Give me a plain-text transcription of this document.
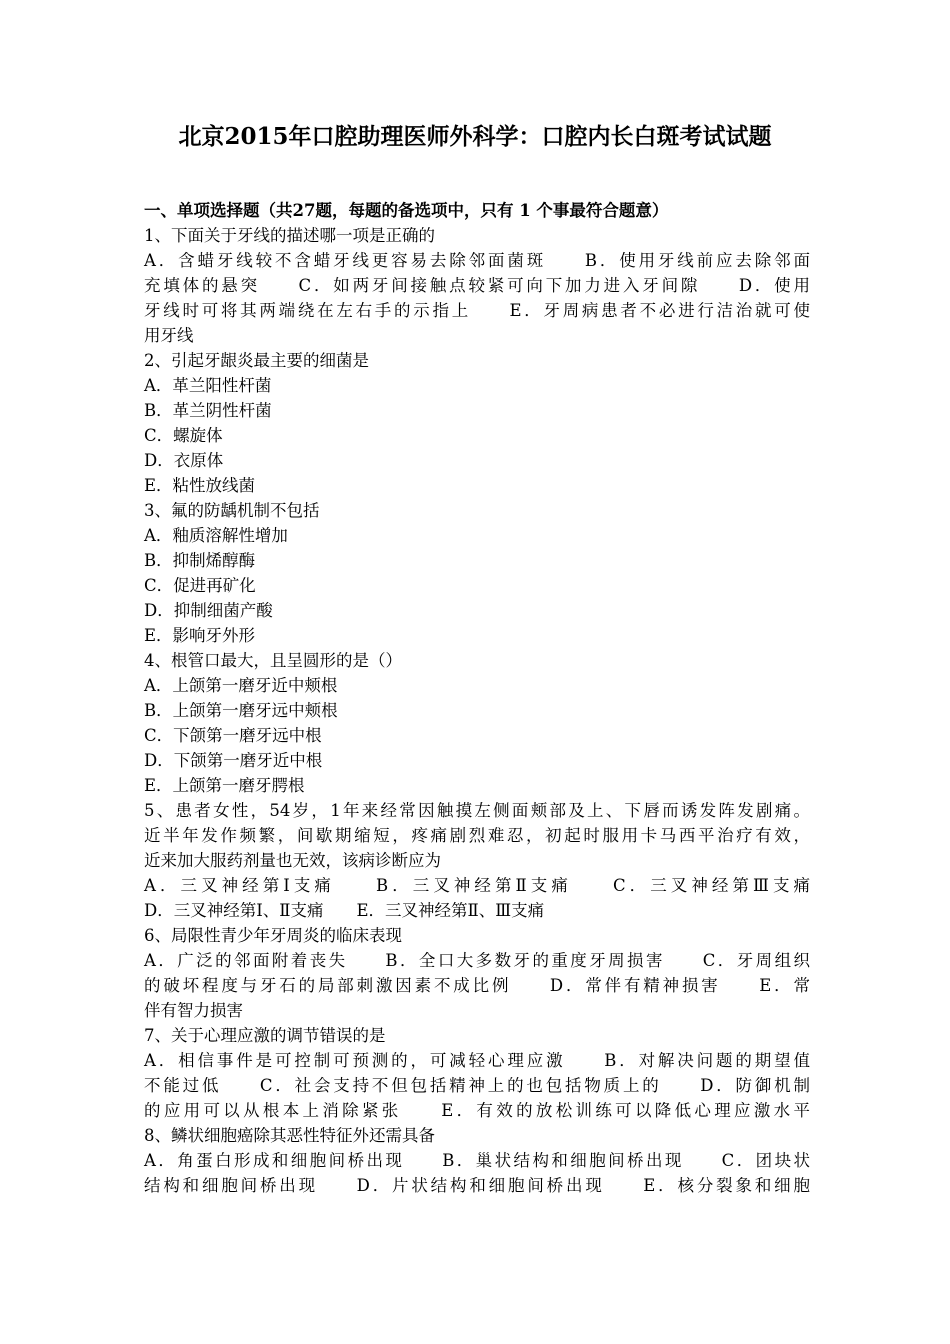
北京2015年口腔助理医师外科学：口腔内长白斑考试试题
一、单项选择题（共27题，每题的备选项中，只有 1 个事最符合题意）
1、下面关于牙线的描述哪一项是正确的
A．含蜡牙线较不含蜡牙线更容易去除邻面菌斑　　B．使用牙线前应去除邻面
充填体的悬突　　C．如两牙间接触点较紧可向下加力进入牙间隙　　D．使用
牙线时可将其两端绕在左右手的示指上　　E．牙周病患者不必进行洁治就可使
用牙线
2、引起牙龈炎最主要的细菌是
A．革兰阳性杆菌
B．革兰阴性杆菌
C．螺旋体
D．衣原体
E．粘性放线菌
3、氟的防龋机制不包括
A．釉质溶解性增加
B．抑制烯醇酶
C．促进再矿化
D．抑制细菌产酸
E．影响牙外形
4、根管口最大，且呈圆形的是（）
A．上颌第一磨牙近中颊根
B．上颌第一磨牙远中颊根
C．下颌第一磨牙远中根
D．下颌第一磨牙近中根
E．上颌第一磨牙腭根
5、患者女性，54岁，1年来经常因触摸左侧面颊部及上、下唇而诱发阵发剧痛。
近半年发作频繁，间歇期缩短，疼痛剧烈难忍，初起时服用卡马西平治疗有效，
近来加大服药剂量也无效，该病诊断应为
A．三叉神经第Ⅰ支痛　　B．三叉神经第Ⅱ支痛　　C．三叉神经第Ⅲ支痛
D．三叉神经第Ⅰ、Ⅱ支痛　　E．三叉神经第Ⅱ、Ⅲ支痛
6、局限性青少年牙周炎的临床表现
A．广泛的邻面附着丧失　　B．全口大多数牙的重度牙周损害　　C．牙周组织
的破坏程度与牙石的局部刺激因素不成比例　　D．常伴有精神损害　　E．常
伴有智力损害
7、关于心理应激的调节错误的是
A．相信事件是可控制可预测的，可减轻心理应激　　B．对解决问题的期望值
不能过低　　C．社会支持不但包括精神上的也包括物质上的　　D．防御机制
的应用可以从根本上消除紧张　　E．有效的放松训练可以降低心理应激水平
8、鳞状细胞癌除其恶性特征外还需具备
A．角蛋白形成和细胞间桥出现　　B．巢状结构和细胞间桥出现　　C．团块状
结构和细胞间桥出现　　D．片状结构和细胞间桥出现　　E．核分裂象和细胞
